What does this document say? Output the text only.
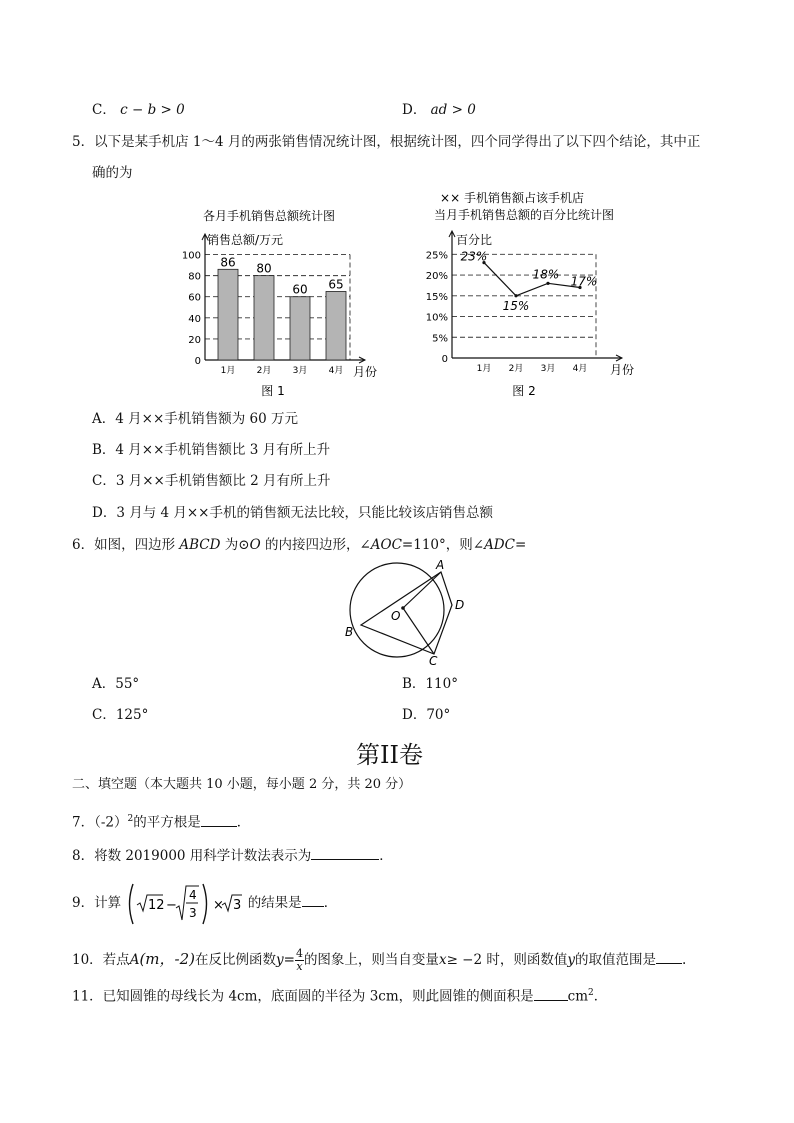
C． c − b > 0	D． ad > 0
5．以下是某手机店 1～4 月的两张销售情况统计图，根据统计图，四个同学得出了以下四个结论，其中正
确的为
各月手机销售总额统计图
销售总额/万元
0
20
40
60
80
100 86
1月
80
2月
60
3月
65
4月 月份
图 1
×× 手机销售额占该手机店
当月手机销售总额的百分比统计图
百分比
0
5%
10%
15%
20%
25% 23%
1月
15%
2月
18%
3月
17%
4月 月份
图 2
A．4 月××手机销售额为 60 万元
B．4 月××手机销售额比 3 月有所上升
C．3 月××手机销售额比 2 月有所上升
D．3 月与 4 月××手机的销售额无法比较，只能比较该店销售总额
6．如图，四边形 ABCD 为⊙O 的内接四边形，∠AOC=110°，则∠ADC=
A
B
C
D
O
A．55°	B．110°
C．125°	D．70°
第II卷
二、填空题（本大题共 10 小题，每小题 2 分，共 20 分）
7．$(-2)^2$的平方根是	．
8．将数 2019000 用科学计数法表示为	．
9．计算 12 −
4
3 × 3 的结果是 ．
10．若点A(m，-2)在反比例函数$y= \frac{4}{x}$ 的图象上，则当自变量x≥ −2 时，则函数值y的取值范围是 .
11．已知圆锥的母线长为 4cm，底面圆的半径为 3cm，则此圆锥的侧面积是	$cm^2$．
